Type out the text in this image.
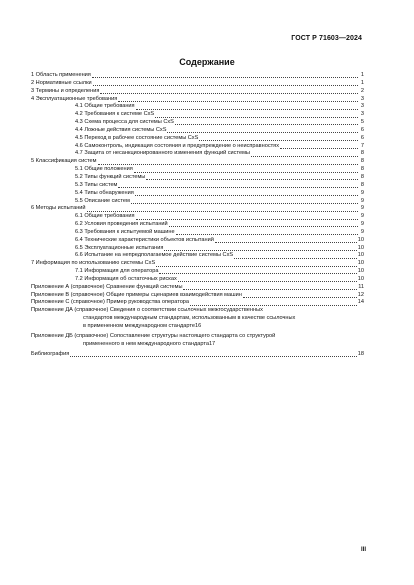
ГОСТ Р 71603—2024
Содержание
1 Область применения	1
2 Нормативные ссылки	1
3 Термины и определения	2
4 Эксплуатационные требования	3
4.1 Общие требования	3
4.2 Требования к системе CxS	3
4.3 Схема процесса для системы CxS	5
4.4 Ложные действия системы CxS	6
4.5 Переход в рабочее состояние системы CxS	6
4.6 Самоконтроль, индикация состояния и предупреждение о неисправностях	7
4.7 Защита от несанкционированного изменения функций системы	8
5 Классификация систем	8
5.1 Общие положения	8
5.2 Типы функций системы	8
5.3 Типы систем	8
5.4 Типы обнаружения	9
5.5 Описание систем	9
6 Методы испытаний	9
6.1 Общие требования	9
6.2 Условия проведения испытаний	9
6.3 Требования к испытуемой машине	9
6.4 Технические характеристики объектов испытаний	10
6.5 Эксплуатационные испытания	10
6.6 Испытание на непредполагаемое действие системы CxS	10
7 Информация по использованию системы CxS	10
7.1 Информация для оператора	10
7.2 Информация об остаточных рисках	10
Приложение А (справочное) Сравнение функций системы	11
Приложение В (справочное) Общие примеры сценариев взаимодействия машин	12
Приложение С (справочное) Пример руководства оператора	14
Приложение ДА (справочное) Сведения о соответствии ссылочных межгосударственных
стандартов международным стандартам, использованным в качестве ссылочных
в примененном международном стандарте 16
Приложение ДБ (справочное) Сопоставление структуры настоящего стандарта со структурой
примененного в нем международного стандарта 17
Библиография	18
III
